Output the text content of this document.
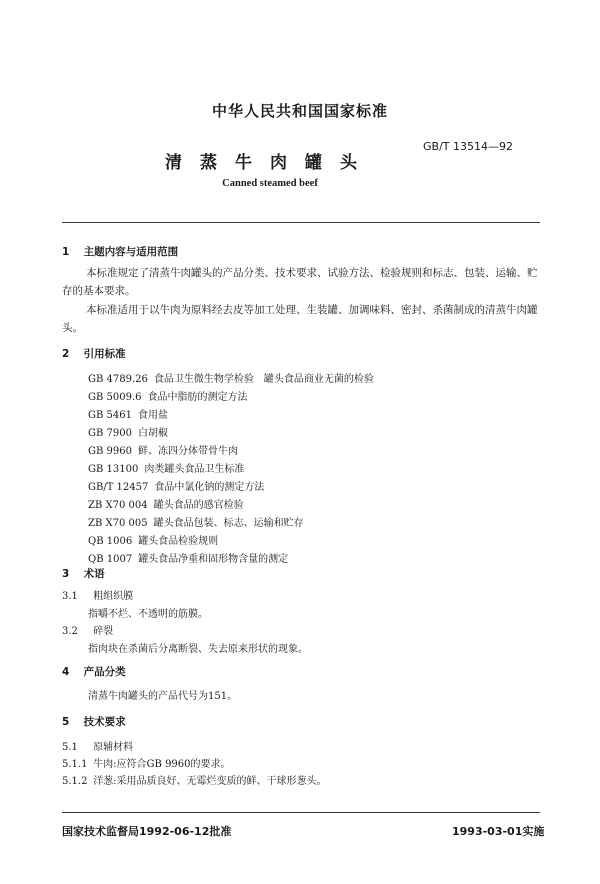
中华人民共和国国家标准
清蒸牛肉罐头
GB/T 13514—92
Canned steamed beef
1 主题内容与适用范围
本标准规定了清蒸牛肉罐头的产品分类、技术要求、试验方法、检验规则和标志、包装、运输、贮存的基本要求。
本标准适用于以牛肉为原料经去皮等加工处理、生装罐、加调味料、密封、杀菌制成的清蒸牛肉罐头。
2 引用标准
GB 4789.26 食品卫生微生物学检验　罐头食品商业无菌的检验
GB 5009.6 食品中脂肪的测定方法
GB 5461 食用盐
GB 7900 白胡椒
GB 9960 鲜、冻四分体带骨牛肉
GB 13100 肉类罐头食品卫生标准
GB/T 12457 食品中氯化钠的测定方法
ZB X70 004 罐头食品的感官检验
ZB X70 005 罐头食品包装、标志、运输和贮存
QB 1006 罐头食品检验规则
QB 1007 罐头食品净重和固形物含量的测定
3 术语
3.1 粗组织膜
指嚼不烂、不透明的筋膜。
3.2 碎裂
指肉块在杀菌后分离断裂、失去原来形状的现象。
4 产品分类
清蒸牛肉罐头的产品代号为151。
5 技术要求
5.1 原辅材料
5.1.1 牛肉:应符合GB 9960的要求。
5.1.2 洋葱:采用品质良好、无霉烂变质的鲜、干球形葱头。
国家技术监督局1992-06-12批准	1993-03-01实施
